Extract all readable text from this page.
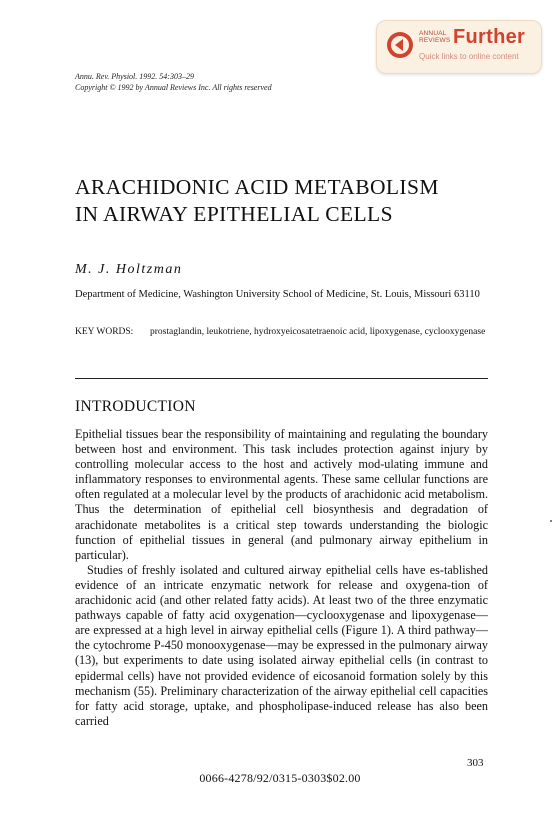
ANNUAL
REVIEWS Further
Quick links to online content
Annu. Rev. Physiol. 1992. 54:303–29
Copyright © 1992 by Annual Reviews Inc. All rights reserved
ARACHIDONIC ACID METABOLISM
IN AIRWAY EPITHELIAL CELLS
M. J. Holtzman
Department of Medicine, Washington University School of Medicine, St. Louis, Missouri 63110
KEY WORDS: prostaglandin, leukotriene, hydroxyeicosatetraenoic acid, lipoxygenase, cyclooxygenase
INTRODUCTION

Epithelial tissues bear the responsibility of maintaining and regulating the boundary between host and environment. This task includes protection against injury by controlling molecular access to the host and actively mod-ulating immune and inflammatory responses to environmental agents. These same cellular functions are often regulated at a molecular level by the products of arachidonic acid metabolism. Thus the determination of epithelial cell biosynthesis and degradation of arachidonate metabolites is a critical step towards understanding the biologic function of epithelial tissues in general (and pulmonary airway epithelium in particular).

Studies of freshly isolated and cultured airway epithelial cells have es-tablished evidence of an intricate enzymatic network for release and oxygena-tion of arachidonic acid (and other related fatty acids). At least two of the three enzymatic pathways capable of fatty acid oxygenation—cyclooxygenase and lipoxygenase—are expressed at a high level in airway epithelial cells (Figure 1). A third pathway—the cytochrome P-450 monooxygenase—may be expressed in the pulmonary airway (13), but experiments to date using isolated airway epithelial cells (in contrast to epidermal cells) have not provided evidence of eicosanoid formation solely by this mechanism (55). Preliminary characterization of the airway epithelial cell capacities for fatty acid storage, uptake, and phospholipase-induced release has also been carried

303
0066-4278/92/0315-0303$02.00
